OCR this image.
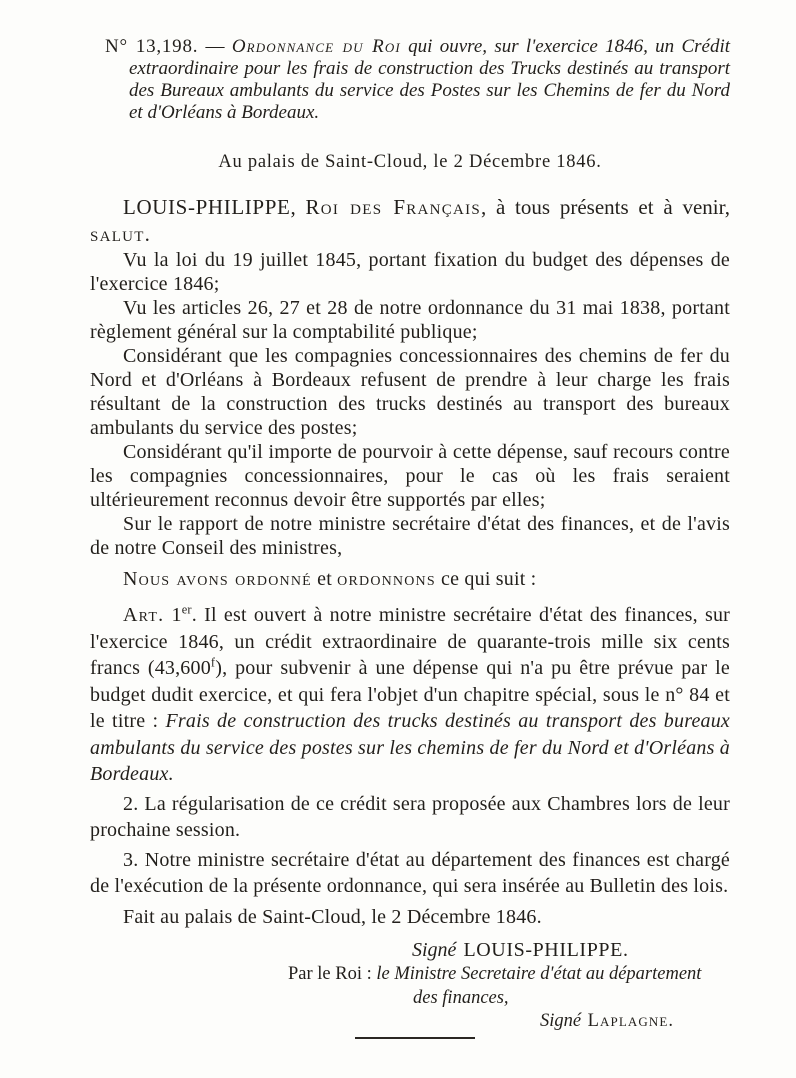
N° 13,198. — Ordonnance du Roi qui ouvre, sur l'exercice 1846, un Crédit extraordinaire pour les frais de construction des Trucks destinés au transport des Bureaux ambulants du service des Postes sur les Chemins de fer du Nord et d'Orléans à Bordeaux.

Au palais de Saint-Cloud, le 2 Décembre 1846.

LOUIS-PHILIPPE, Roi des Français, à tous présents et à venir, salut.

Vu la loi du 19 juillet 1845, portant fixation du budget des dépenses de l'exercice 1846;

Vu les articles 26, 27 et 28 de notre ordonnance du 31 mai 1838, portant règlement général sur la comptabilité publique;

Considérant que les compagnies concessionnaires des chemins de fer du Nord et d'Orléans à Bordeaux refusent de prendre à leur charge les frais résultant de la construction des trucks destinés au transport des bureaux ambulants du service des postes;

Considérant qu'il importe de pourvoir à cette dépense, sauf recours contre les compagnies concessionnaires, pour le cas où les frais seraient ultérieurement reconnus devoir être supportés par elles;

Sur le rapport de notre ministre secrétaire d'état des finances, et de l'avis de notre Conseil des ministres,

Nous avons ordonné et ordonnons ce qui suit :

Art. 1er. Il est ouvert à notre ministre secrétaire d'état des finances, sur l'exercice 1846, un crédit extraordinaire de quarante-trois mille six cents francs (43,600$^f$), pour subvenir à une dépense qui n'a pu être prévue par le budget dudit exercice, et qui fera l'objet d'un chapitre spécial, sous le n° 84 et le titre : Frais de construction des trucks destinés au transport des bureaux ambulants du service des postes sur les chemins de fer du Nord et d'Orléans à Bordeaux.

2. La régularisation de ce crédit sera proposée aux Chambres lors de leur prochaine session.

3. Notre ministre secrétaire d'état au département des finances est chargé de l'exécution de la présente ordonnance, qui sera insérée au Bulletin des lois.

Fait au palais de Saint-Cloud, le 2 Décembre 1846.

Signé LOUIS-PHILIPPE.
Par le Roi : le Ministre Secretaire d'état au département
des finances,
Signé Laplagne.
